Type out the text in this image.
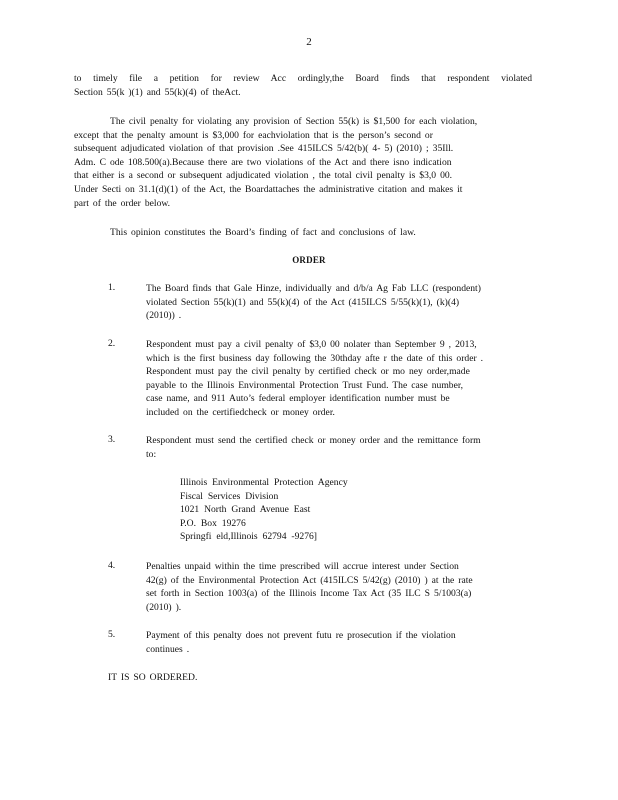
2
to timely file a petition for review Acc ordingly,the Board finds that respondent violated
Section 55(k )(1) and 55(k)(4) of theAct.
The civil penalty for violating any provision of Section 55(k) is $1,500 for each violation,
except that the penalty amount is $3,000 for eachviolation that is the person’s second or
subsequent adjudicated violation of that provision .See 415ILCS 5/42(b)( 4- 5) (2010) ; 35Ill.
Adm. C ode 108.500(a).Because there are two violations of the Act and there isno indication
that either is a second or subsequent adjudicated violation , the total civil penalty is $3,0 00.
Under Secti on 31.1(d)(1) of the Act, the Boardattaches the administrative citation and makes it
part of the order below.
This opinion constitutes the Board’s finding of fact and conclusions of law.
ORDER
1.	The Board finds that Gale Hinze, individually and d/b/a Ag Fab LLC (respondent)
violated Section 55(k)(1) and 55(k)(4) of the Act (415ILCS 5/55(k)(1), (k)(4)
(2010)) .
2.	Respondent must pay a civil penalty of $3,0 00 nolater than September 9 , 2013,
which is the first business day following the 30thday afte r the date of this order .
Respondent must pay the civil penalty by certified check or mo ney order,made
payable to the Illinois Environmental Protection Trust Fund. The case number,
case name, and 911 Auto’s federal employer identification number must be
included on the certifiedcheck or money order.
3.	Respondent must send the certified check or money order and the remittance form
to:
Illinois Environmental Protection Agency
Fiscal Services Division
1021 North Grand Avenue East
P.O. Box 19276
Springfi eld,Illinois 62794 -9276]
4.	Penalties unpaid within the time prescribed will accrue interest under Section
42(g) of the Environmental Protection Act (415ILCS 5/42(g) (2010) ) at the rate
set forth in Section 1003(a) of the Illinois Income Tax Act (35 ILC S 5/1003(a)
(2010) ).
5.	Payment of this penalty does not prevent futu re prosecution if the violation
continues .
IT IS SO ORDERED.
